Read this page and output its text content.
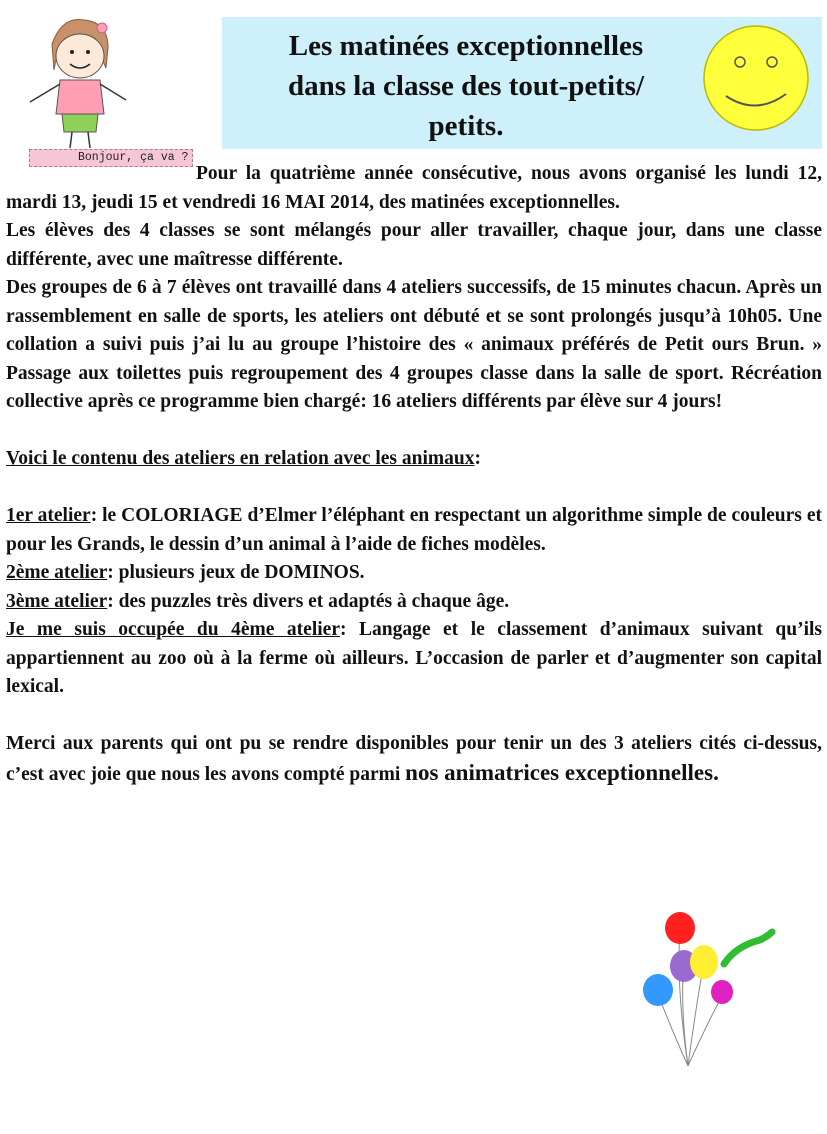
Bonjour, ça va ?
Les matinées exceptionnelles
dans la classe des tout-petits/
petits.

Pour la quatrième année consécutive, nous avons organisé les lundi 12, mardi 13, jeudi 15 et vendredi 16 MAI 2014, des matinées exceptionnelles.

Les élèves des 4 classes se sont mélangés pour aller travailler, chaque jour, dans une classe différente, avec une maîtresse différente.

Des groupes de 6 à 7 élèves ont travaillé dans 4 ateliers successifs, de 15 minutes chacun. Après un rassemblement en salle de sports, les ateliers ont débuté et se sont prolongés jusqu’à 10h05. Une collation a suivi puis j’ai lu au groupe l’histoire des « animaux préférés de Petit ours Brun. » Passage aux toilettes puis regroupement des 4 groupes classe dans la salle de sport. Récréation collective après ce programme bien chargé: 16 ateliers différents par élève sur 4 jours!

Voici le contenu des ateliers en relation avec les animaux:

1er atelier: le COLORIAGE d’Elmer l’éléphant en respectant un algorithme simple de couleurs et pour les Grands, le dessin d’un animal à l’aide de fiches modèles.

2ème atelier: plusieurs jeux de DOMINOS.

3ème atelier: des puzzles très divers et adaptés à chaque âge.

Je me suis occupée du 4ème atelier: Langage et le classement d’animaux suivant qu’ils appartiennent au zoo où à la ferme où ailleurs. L’occasion de parler et d’augmenter son capital lexical.

Merci aux parents qui ont pu se rendre disponibles pour tenir un des 3 ateliers cités ci-dessus, c’est avec joie que nous les avons compté parmi nos animatrices exceptionnelles.
